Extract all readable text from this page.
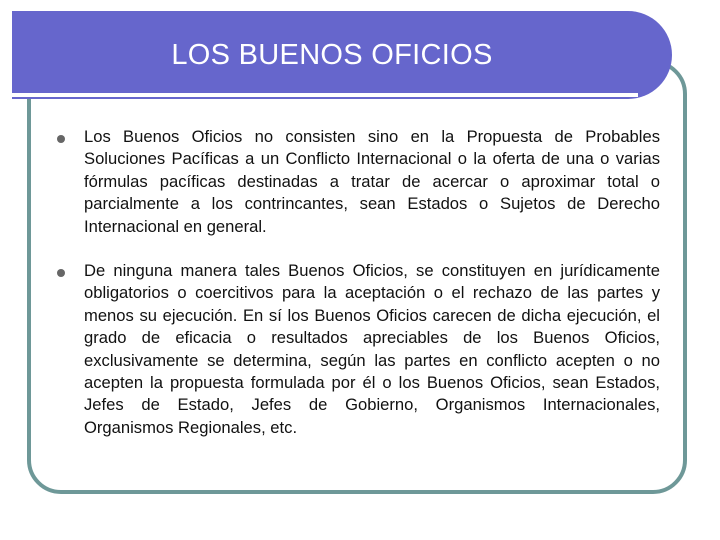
LOS BUENOS OFICIOS
Los Buenos Oficios no consisten sino en la Propuesta de Probables Soluciones Pacíficas a un Conflicto Internacional o la oferta de una o varias fórmulas pacíficas destinadas a tratar de acercar o aproximar total o parcialmente a los contrincantes, sean Estados o Sujetos de Derecho Internacional en general.
De ninguna manera tales Buenos Oficios, se constituyen en jurídicamente obligatorios o coercitivos para la aceptación o el rechazo de las partes y menos su ejecución. En sí los Buenos Oficios carecen de dicha ejecución, el grado de eficacia o resultados apreciables de los Buenos Oficios, exclusivamente se determina, según las partes en conflicto acepten o no acepten la propuesta formulada por él o los Buenos Oficios, sean Estados, Jefes de Estado, Jefes de Gobierno, Organismos Internacionales, Organismos Regionales, etc.
